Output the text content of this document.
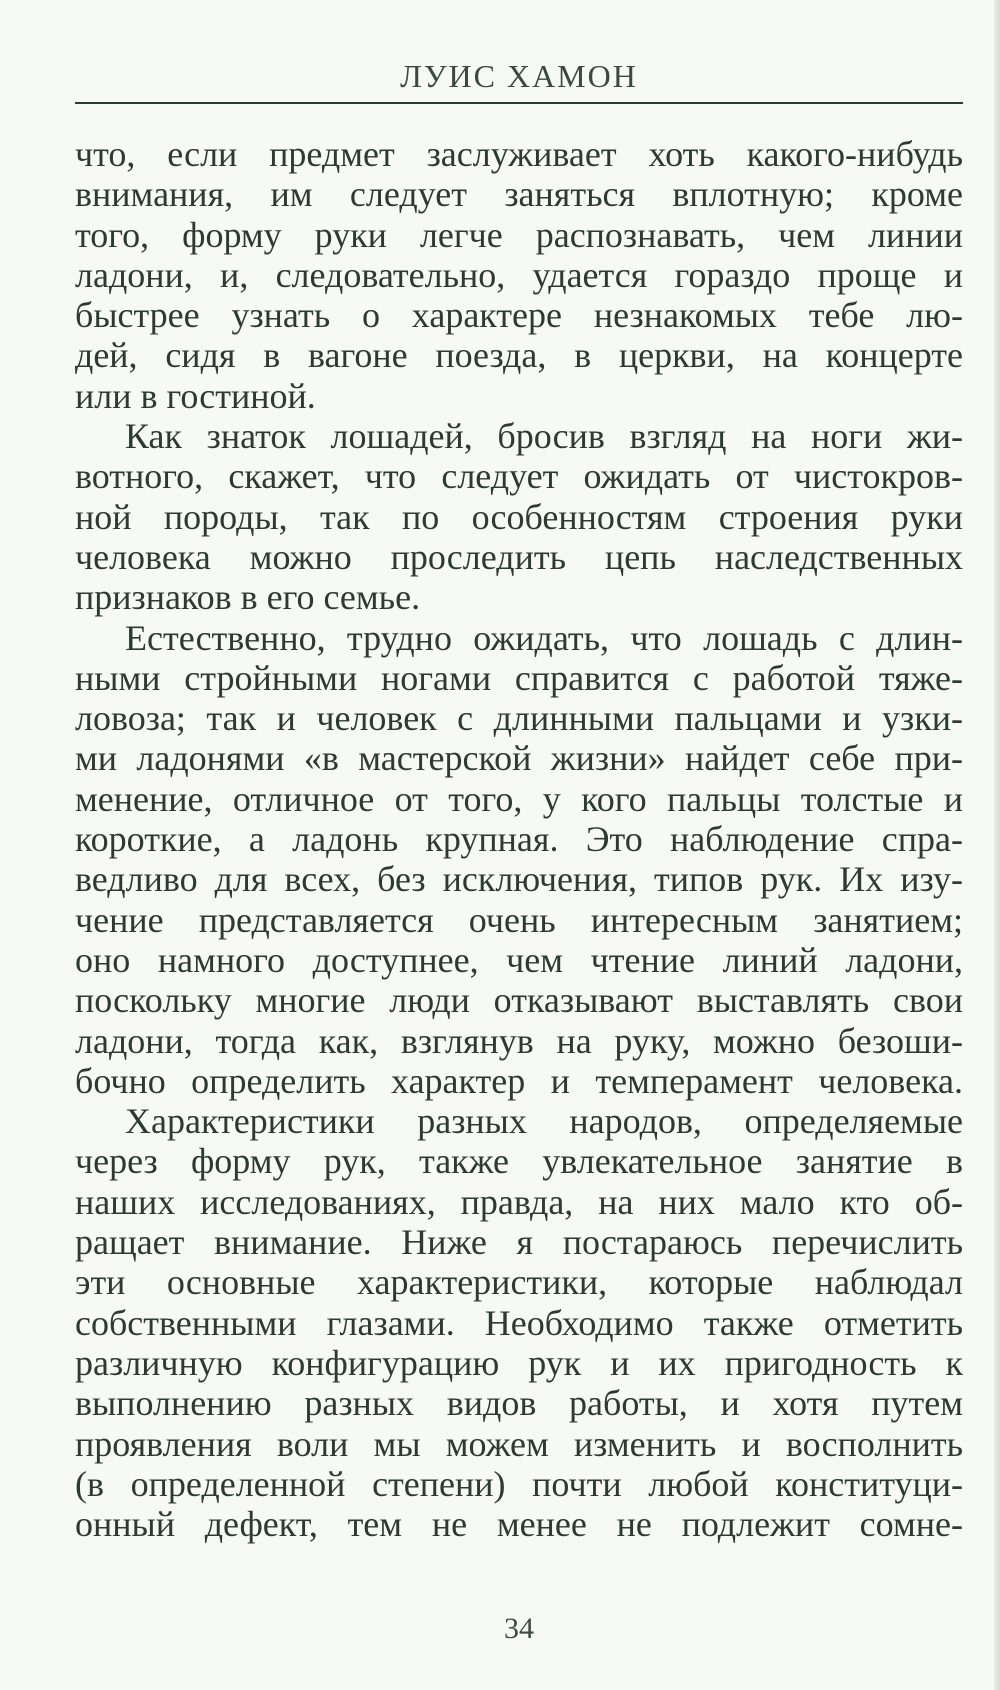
ЛУИС ХАМОН
что, если предмет заслуживает хоть какого-нибудь
внимания, им следует заняться вплотную; кроме
того, форму руки легче распознавать, чем линии
ладони, и, следовательно, удается гораздо проще и
быстрее узнать о характере незнакомых тебе лю-
дей, сидя в вагоне поезда, в церкви, на концерте
или в гостиной.
Как знаток лошадей, бросив взгляд на ноги жи-
вотного, скажет, что следует ожидать от чистокров-
ной породы, так по особенностям строения руки
человека можно проследить цепь наследственных
признаков в его семье.
Естественно, трудно ожидать, что лошадь с длин-
ными стройными ногами справится с работой тяже-
ловоза; так и человек с длинными пальцами и узки-
ми ладонями «в мастерской жизни» найдет себе при-
менение, отличное от того, у кого пальцы толстые и
короткие, а ладонь крупная. Это наблюдение спра-
ведливо для всех, без исключения, типов рук. Их изу-
чение представляется очень интересным занятием;
оно намного доступнее, чем чтение линий ладони,
поскольку многие люди отказывают выставлять свои
ладони, тогда как, взглянув на руку, можно безоши-
бочно определить характер и темперамент человека.
Характеристики разных народов, определяемые
через форму рук, также увлекательное занятие в
наших исследованиях, правда, на них мало кто об-
ращает внимание. Ниже я постараюсь перечислить
эти основные характеристики, которые наблюдал
собственными глазами. Необходимо также отметить
различную конфигурацию рук и их пригодность к
выполнению разных видов работы, и хотя путем
проявления воли мы можем изменить и восполнить
(в определенной степени) почти любой конституци-
онный дефект, тем не менее не подлежит сомне-
34
